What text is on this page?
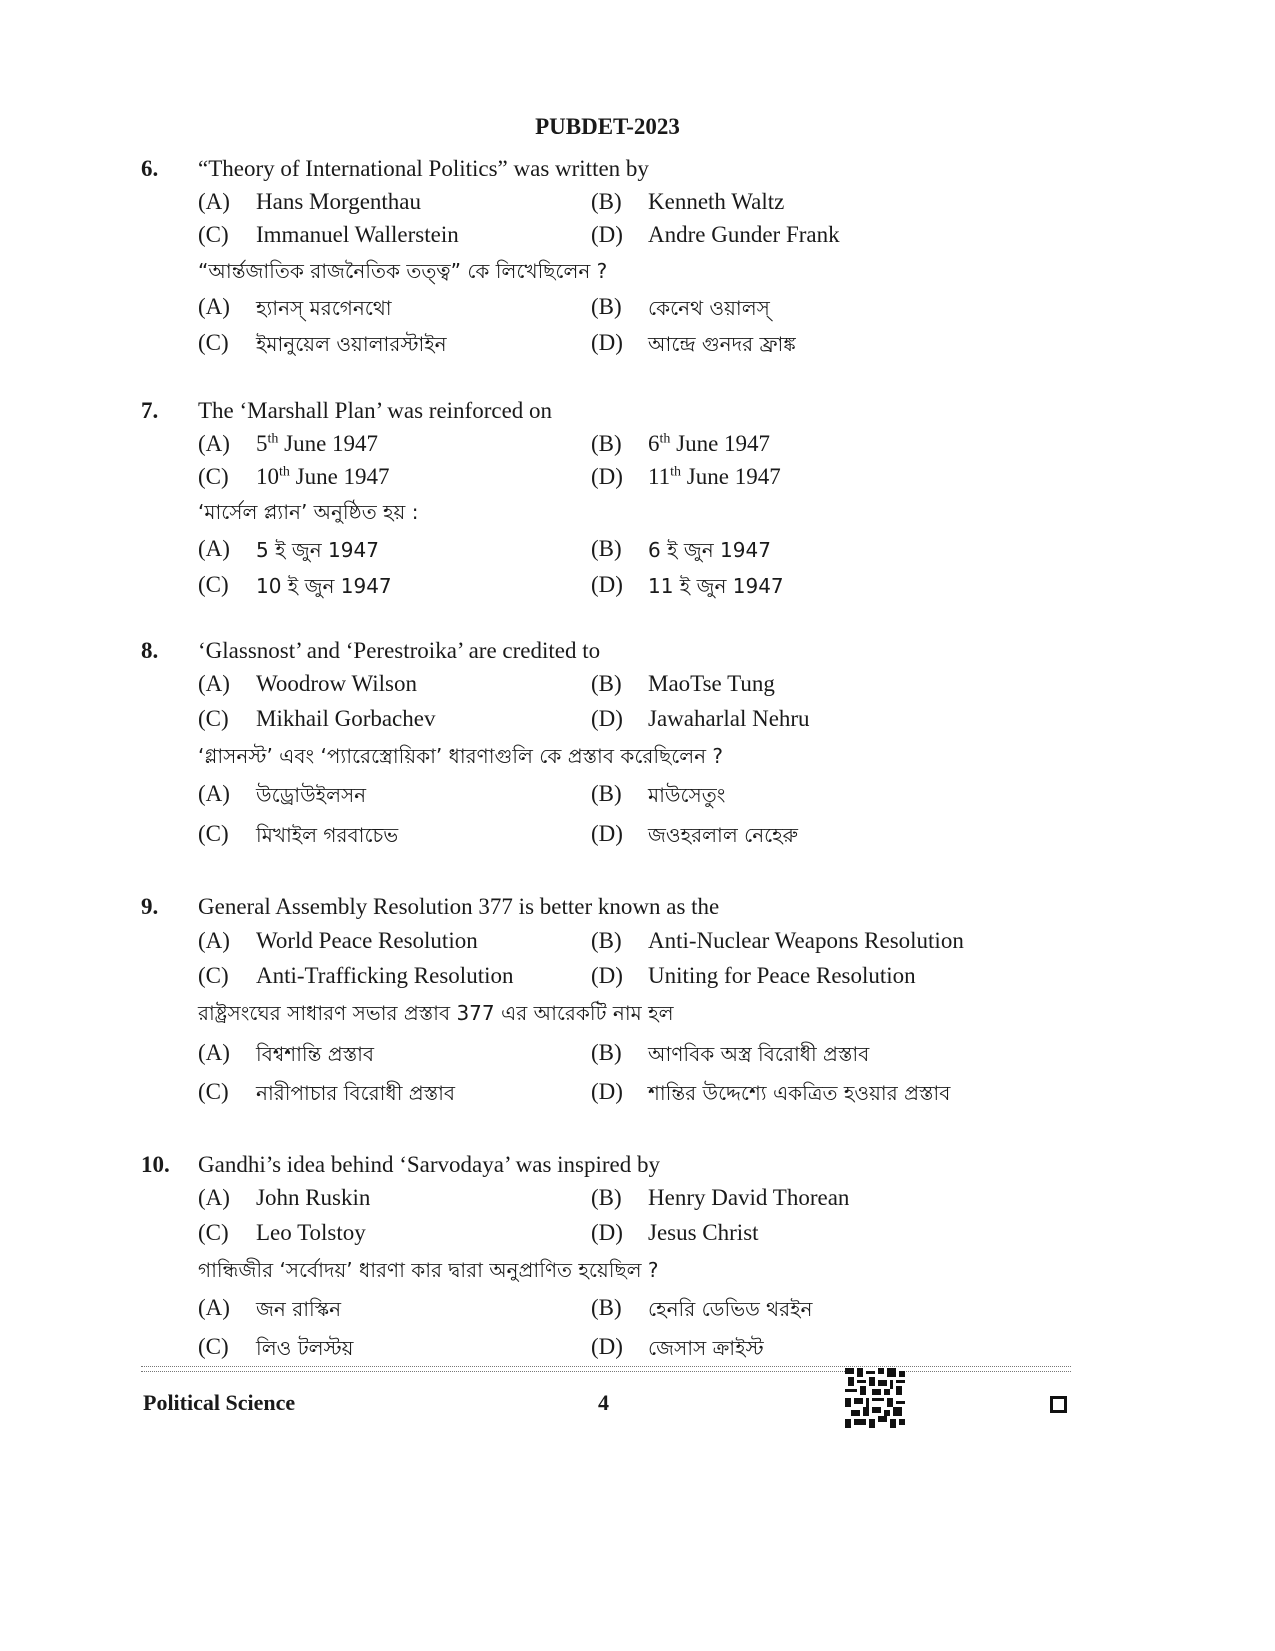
PUBDET-2023
6. “Theory of International Politics” was written by
(A) Hans Morgenthau	(B) Kenneth Waltz
(C) Immanuel Wallerstein	(D) Andre Gunder Frank
“আর্ন্তজাতিক রাজনৈতিক তত্ত্ব” কে লিখেছিলেন ?
(A) হ্যানস্ মরগেনথো	(B) কেনেথ ওয়ালস্
(C) ইমানুয়েল ওয়ালারস্টাইন	(D) আন্দ্রে গুনদর ফ্রাঙ্ক
7. The ‘Marshall Plan’ was reinforced on
(A) 5th June 1947	(B) 6th June 1947
(C) 10th June 1947	(D) 11th June 1947
‘মার্সেল প্ল্যান’ অনুষ্ঠিত হয় :
(A) 5 ই জুন 1947	(B) 6 ই জুন 1947
(C) 10 ই জুন 1947	(D) 11 ই জুন 1947
8. ‘Glassnost’ and ‘Perestroika’ are credited to
(A) Woodrow Wilson	(B) MaoTse Tung
(C) Mikhail Gorbachev	(D) Jawaharlal Nehru
‘গ্লাসনস্ট’ এবং ‘প্যারেস্ত্রোয়িকা’ ধারণাগুলি কে প্রস্তাব করেছিলেন ?
(A) উড্রোউইলসন	(B) মাউসেতুং
(C) মিখাইল গরবাচেভ	(D) জওহরলাল নেহেরু
9. General Assembly Resolution 377 is better known as the
(A) World Peace Resolution	(B) Anti-Nuclear Weapons Resolution
(C) Anti-Trafficking Resolution	(D) Uniting for Peace Resolution
রাষ্ট্রসংঘের সাধারণ সভার প্রস্তাব 377 এর আরেকটি নাম হল
(A) বিশ্বশান্তি প্রস্তাব	(B) আণবিক অস্ত্র বিরোধী প্রস্তাব
(C) নারীপাচার বিরোধী প্রস্তাব	(D) শান্তির উদ্দেশ্যে একত্রিত হওয়ার প্রস্তাব
10. Gandhi’s idea behind ‘Sarvodaya’ was inspired by
(A) John Ruskin	(B) Henry David Thorean
(C) Leo Tolstoy	(D) Jesus Christ
গান্ধিজীর ‘সর্বোদয়’ ধারণা কার দ্বারা অনুপ্রাণিত হয়েছিল ?
(A) জন রাস্কিন	(B) হেনরি ডেভিড থরইন
(C) লিও টলস্টয়	(D) জেসাস ক্রাইস্ট
Political Science	4
